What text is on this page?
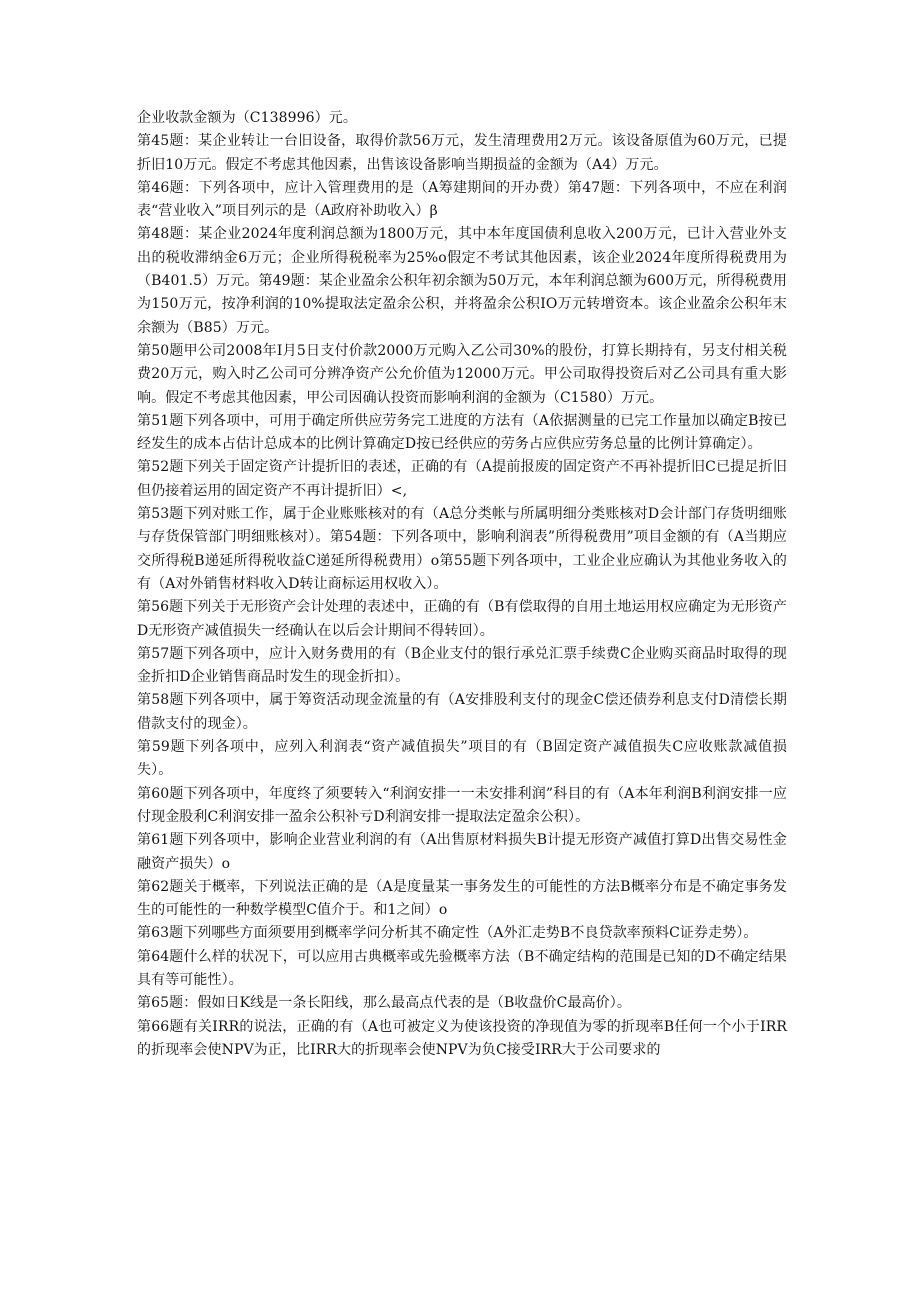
企业收款金额为（C138996）元。

第45题：某企业转让一台旧设备，取得价款56万元，发生清理费用2万元。该设备原值为60万元，已提折旧10万元。假定不考虑其他因素，出售该设备影响当期损益的金额为（A4）万元。

第46题：下列各项中，应计入管理费用的是（A筹建期间的开办费）第47题：下列各项中，不应在利润表“营业收入”项目列示的是（A政府补助收入）β

第48题：某企业2024年度利润总额为1800万元，其中本年度国债利息收入200万元，已计入营业外支出的税收滞纳金6万元；企业所得税税率为25%o假定不考试其他因素，该企业2024年度所得税费用为（B401.5）万元。第49题：某企业盈余公积年初余额为50万元，本年利润总额为600万元，所得税费用为150万元，按净利润的10%提取法定盈余公积，并将盈余公积IO万元转增资本。该企业盈余公积年末余额为（B85）万元。

第50题甲公司2008年I月5日支付价款2000万元购入乙公司30%的股份，打算长期持有，另支付相关税费20万元，购入时乙公司可分辨净资产公允价值为12000万元。甲公司取得投资后对乙公司具有重大影响。假定不考虑其他因素，甲公司因确认投资而影响利润的金额为（C1580）万元。

第51题下列各项中，可用于确定所供应劳务完工进度的方法有（A依据测量的已完工作量加以确定B按已经发生的成本占估计总成本的比例计算确定D按已经供应的劳务占应供应劳务总量的比例计算确定）。

第52题下列关于固定资产计提折旧的表述，正确的有（A提前报废的固定资产不再补提折旧C已提足折旧但仍接着运用的固定资产不再计提折旧）<,

第53题下列对账工作，属于企业账账核对的有（A总分类帐与所属明细分类账核对D会计部门存货明细账与存货保管部门明细账核对）。第54题：下列各项中，影响利润表”所得税费用”项目金额的有（A当期应交所得税B递延所得税收益C递延所得税费用）o第55题下列各项中，工业企业应确认为其他业务收入的有（A对外销售材料收入D转让商标运用权收入）。

第56题下列关于无形资产会计处理的表述中，正确的有（B有偿取得的自用土地运用权应确定为无形资产D无形资产减值损失一经确认在以后会计期间不得转回）。

第57题下列各项中，应计入财务费用的有（B企业支付的银行承兑汇票手续费C企业购买商品时取得的现金折扣D企业销售商品时发生的现金折扣）。

第58题下列各项中，属于筹资活动现金流量的有（A安排股利支付的现金C偿还债券利息支付D清偿长期借款支付的现金）。

第59题下列各项中，应列入利润表“资产减值损失”项目的有（B固定资产减值损失C应收账款减值损失）。

第60题下列各项中，年度终了须要转入“利润安排一一未安排利润”科目的有（A本年利润B利润安排一应付现金股利C利润安排一盈余公积补亏D利润安排一提取法定盈余公积）。

第61题下列各项中，影响企业营业利润的有（A出售原材料损失B计提无形资产减值打算D出售交易性金融资产损失）o

第62题关于概率，下列说法正确的是（A是度量某一事务发生的可能性的方法B概率分布是不确定事务发生的可能性的一种数学模型C值介于。和1之间）o

第63题下列哪些方面须要用到概率学问分析其不确定性（A外汇走势B不良贷款率预料C证券走势）。

第64题什么样的状况下，可以应用古典概率或先验概率方法（B不确定结构的范围是已知的D不确定结果具有等可能性）。

第65题：假如日K线是一条长阳线，那么最高点代表的是（B收盘价C最高价）。

第66题有关IRR的说法，正确的有（A也可被定义为使该投资的净现值为零的折现率B任何一个小于IRR的折现率会使NPV为正，比IRR大的折现率会使NPV为负C接受IRR大于公司要求的
